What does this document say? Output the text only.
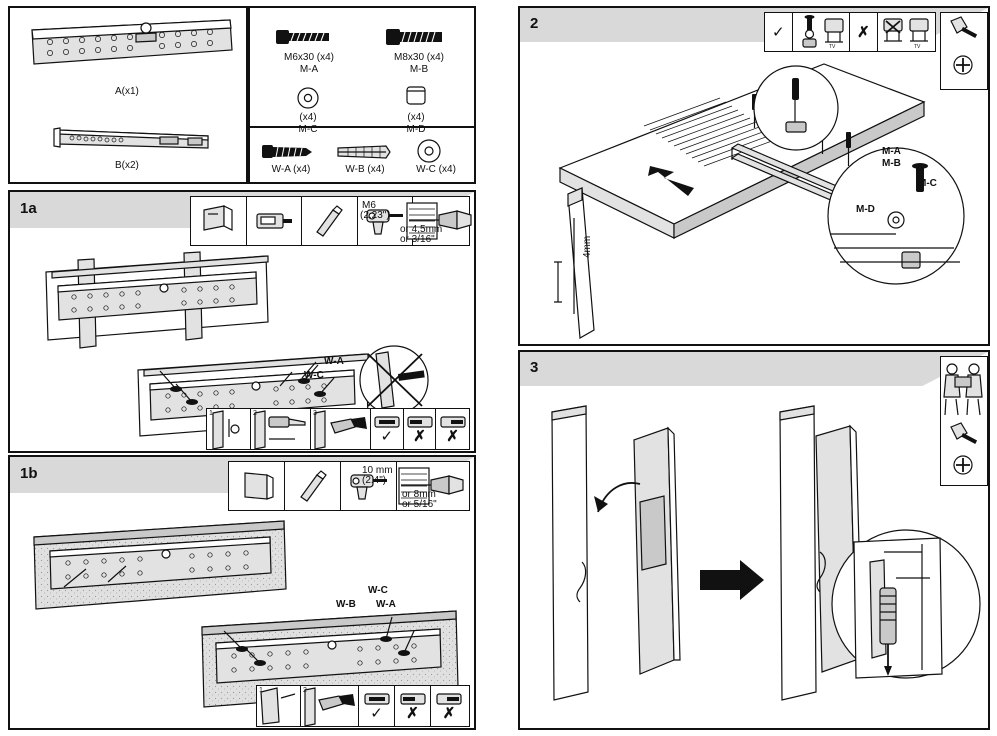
A(x1)
B(x2)
M6x30 (x4)
M-A
M8x30 (x4)
M-B
(x4)
M-C
(x4)
M-D
W-A (x4)	W-B (x4)	W-C (x4)
1a	M6
(2.23")
or 4,5mm
or 3/16"
W-A
W-C
1	2	3
✓ ✗ ✗
1b	10 mm
(2.4")
or 8mm
or 5/16"
W-B
W-C
W-A
1	2
✓ ✗ ✗
2	✓
TV
✗
TV
M-A
M-B
M-C
M-D
4mm
3
